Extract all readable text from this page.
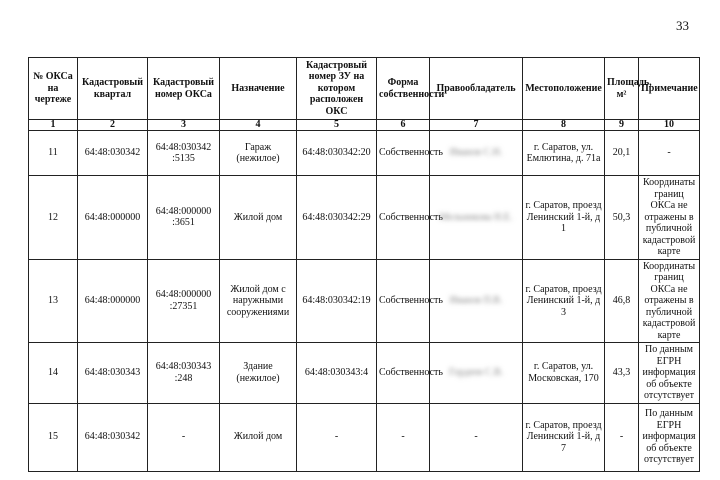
33
№ ОКСа на чертеже	Кадастровый квартал	Кадастровый номер ОКСа	Назначение	Кадастровый номер ЗУ на котором расположен ОКС	Форма собственности	Правообладатель	Местоположение	Площадь, м²	Примечание
1	2	3	4	5	6	7	8	9	10
11	64:48:030342	64:48:030342 :5135	Гараж (нежилое)	64:48:030342:20	Собственность	Иванов С.Н.	г. Саратов, ул. Емлютина, д. 71а	20,1	-
12	64:48:000000	64:48:000000 :3651	Жилой дом	64:48:030342:29	Собственность	Мельникова Н.Е.	г. Саратов, проезд Ленинский 1-й, д 1	50,3	Координаты границ ОКСа не отражены в публичной кадастровой карте
13	64:48:000000	64:48:000000 :27351	Жилой дом с наружными сооружениями	64:48:030342:19	Собственность	Иванов П.В.	г. Саратов, проезд Ленинский 1-й, д 3	46,8	Координаты границ ОКСа не отражены в публичной кадастровой карте
14	64:48:030343	64:48:030343 :248	Здание (нежилое)	64:48:030343:4	Собственность	Гордеев С.В.	г. Саратов, ул. Московская, 170	43,3	По данным ЕГРН информация об объекте отсутствует
15	64:48:030342	-	Жилой дом	-	-	-	г. Саратов, проезд Ленинский 1-й, д 7	-	По данным ЕГРН информация об объекте отсутствует
